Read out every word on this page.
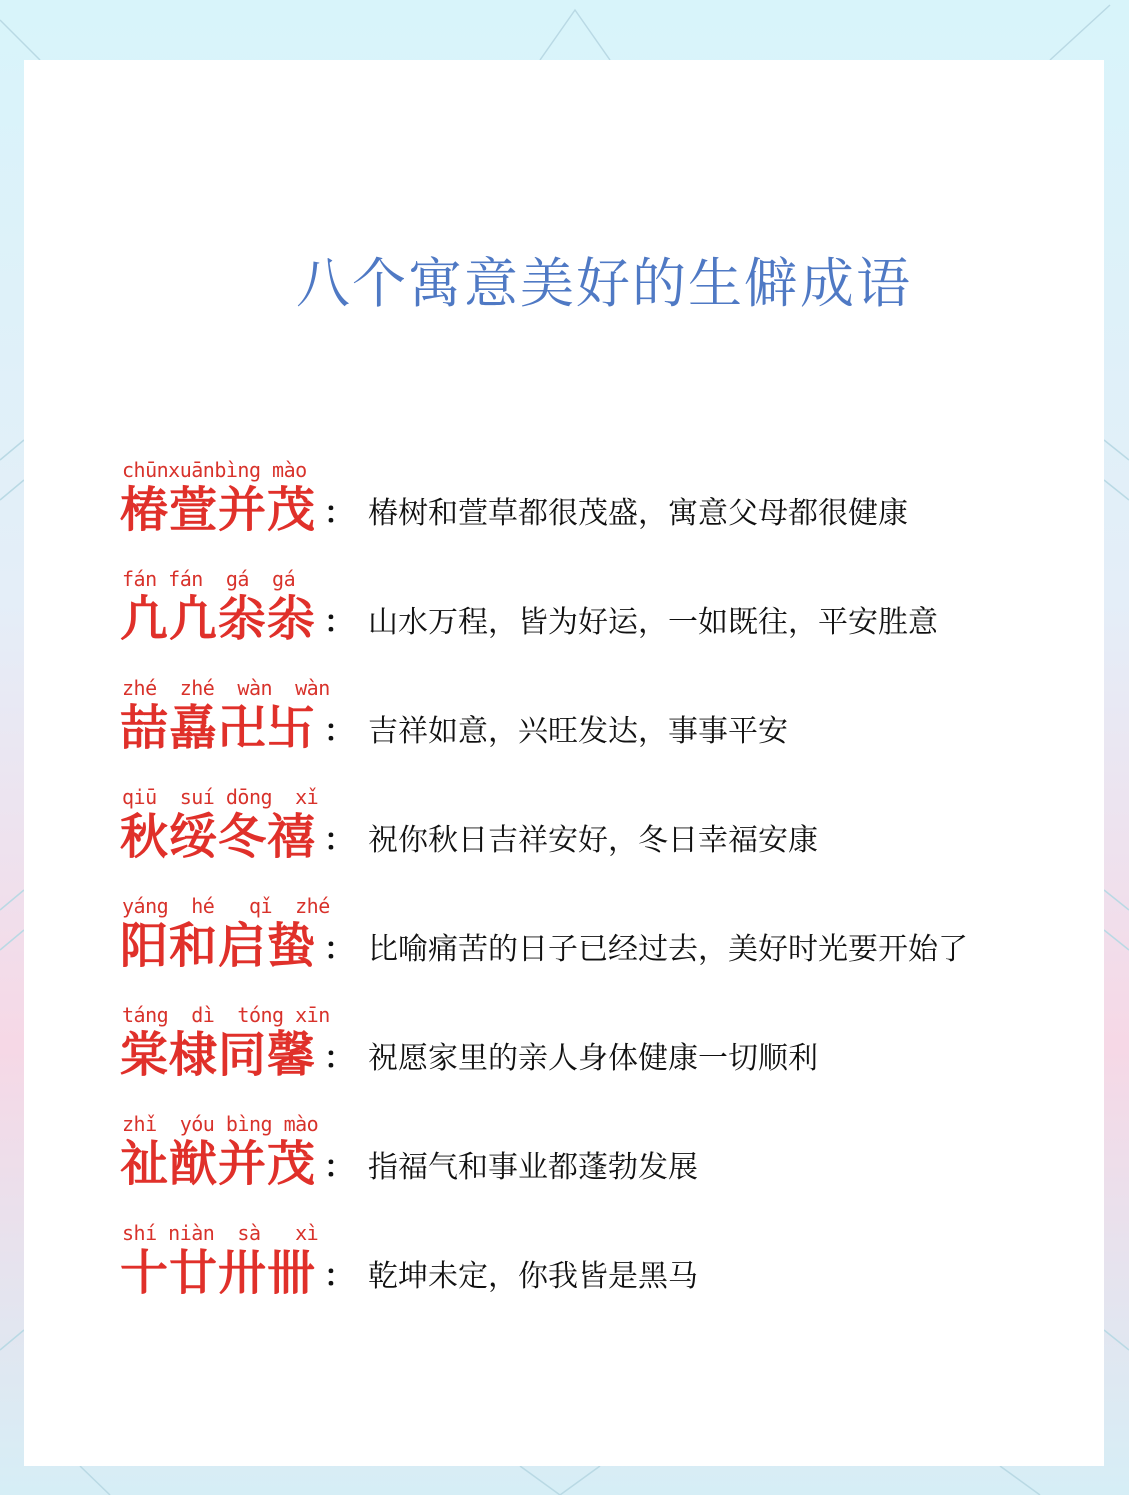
八个寓意美好的生僻成语
chūnxuānbìng mào
椿萱并茂 ： 椿树和萱草都很茂盛，寓意父母都很健康
fán fán  gá  gá
凣凣尜尜 ： 山水万程，皆为好运，一如既往，平安胜意
zhé  zhé  wàn  wàn
喆嚞卍卐 ： 吉祥如意，兴旺发达，事事平安
qiū  suí dōng  xǐ
秋绥冬禧 ： 祝你秋日吉祥安好，冬日幸福安康
yáng  hé   qǐ  zhé
阳和启蛰 ： 比喻痛苦的日子已经过去，美好时光要开始了
táng  dì  tóng xīn
棠棣同馨 ： 祝愿家里的亲人身体健康一切顺利
zhǐ  yóu bìng mào
祉猷并茂 ： 指福气和事业都蓬勃发展
shí niàn  sà   xì
十廿卅卌 ： 乾坤未定，你我皆是黑马
